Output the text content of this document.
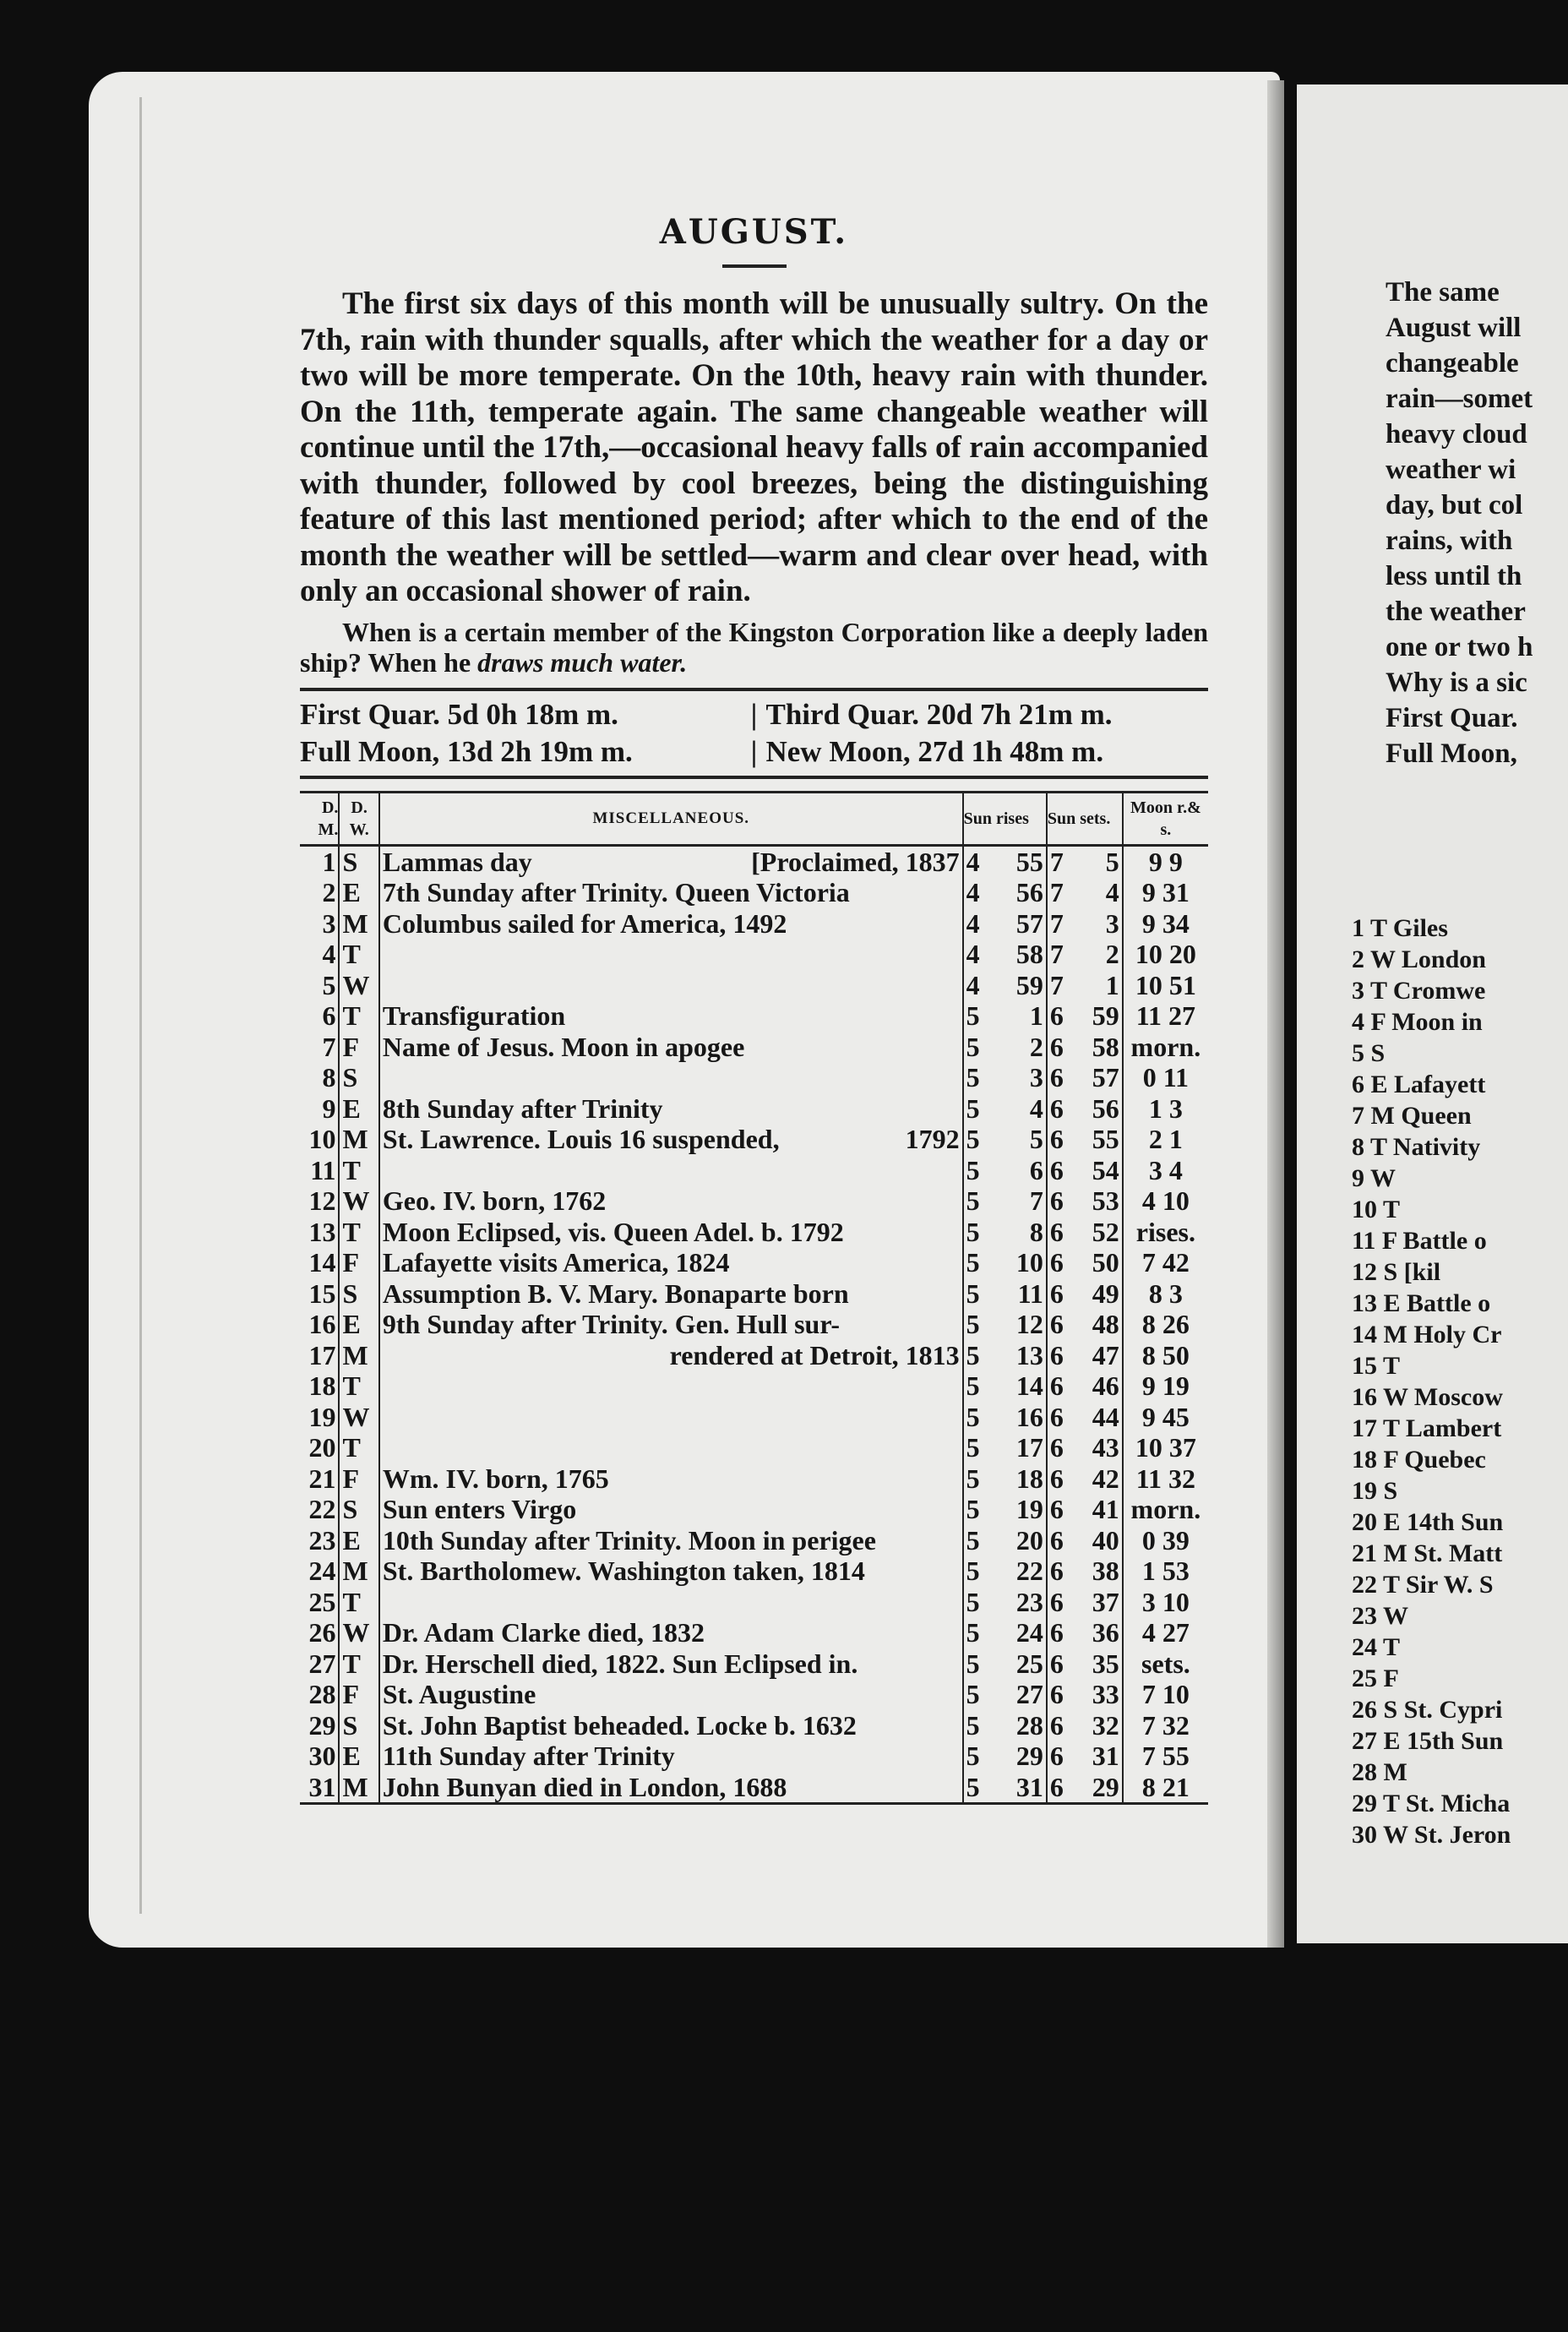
AUGUST.

The first six days of this month will be unusually sultry. On the 7th, rain with thunder squalls, after which the weather for a day or two will be more temperate. On the 10th, heavy rain with thunder. On the 11th, temperate again. The same changeable weather will continue until the 17th,—occasional heavy falls of rain accompanied with thunder, followed by cool breezes, being the distinguishing feature of this last mentioned period; after which to the end of the month the weather will be settled—warm and clear over head, with only an occasional shower of rain.

When is a certain member of the Kingston Corporation like a deeply laden ship? When he draws much water.

First Quar. 5d 0h 18m m.	| Third Quar. 20d 7h 21m m.
Full Moon, 13d 2h 19m m.	| New Moon, 27d 1h 48m m.
D. M.	D. W.	MISCELLANEOUS.	Sun rises		Sun sets.		Moon r.& s.
1	S	Lammas day [Proclaimed, 1837	4	55	7	5	9 9
2	E	7th Sunday after Trinity. Queen Victoria	4	56	7	4	9 31
3	M	Columbus sailed for America, 1492	4	57	7	3	9 34
4	T		4	58	7	2	10 20
5	W		4	59	7	1	10 51
6	T	Transfiguration	5	1	6	59	11 27
7	F	Name of Jesus. Moon in apogee	5	2	6	58	morn.
8	S		5	3	6	57	0 11
9	E	8th Sunday after Trinity	5	4	6	56	1 3
10	M	St. Lawrence. Louis 16 suspended, 1792	5	5	6	55	2 1
11	T		5	6	6	54	3 4
12	W	Geo. IV. born, 1762	5	7	6	53	4 10
13	T	Moon Eclipsed, vis. Queen Adel. b. 1792	5	8	6	52	rises.
14	F	Lafayette visits America, 1824	5	10	6	50	7 42
15	S	Assumption B. V. Mary. Bonaparte born	5	11	6	49	8 3
16	E	9th Sunday after Trinity. Gen. Hull sur-	5	12	6	48	8 26
17	M	rendered at Detroit, 1813	5	13	6	47	8 50
18	T		5	14	6	46	9 19
19	W		5	16	6	44	9 45
20	T		5	17	6	43	10 37
21	F	Wm. IV. born, 1765	5	18	6	42	11 32
22	S	Sun enters Virgo	5	19	6	41	morn.
23	E	10th Sunday after Trinity. Moon in perigee	5	20	6	40	0 39
24	M	St. Bartholomew. Washington taken, 1814	5	22	6	38	1 53
25	T		5	23	6	37	3 10
26	W	Dr. Adam Clarke died, 1832	5	24	6	36	4 27
27	T	Dr. Herschell died, 1822. Sun Eclipsed in.	5	25	6	35	sets.
28	F	St. Augustine	5	27	6	33	7 10
29	S	St. John Baptist beheaded. Locke b. 1632	5	28	6	32	7 32
30	E	11th Sunday after Trinity	5	29	6	31	7 55
31	M	John Bunyan died in London, 1688	5	31	6	29	8 21
The same
August will
changeable
rain—somet
heavy cloud
weather wi
day, but col
rains, with
less until th
the weather
one or two h
Why is a sic
First Quar.
Full Moon,
1 T Giles
2 W London
3 T Cromwe
4 F Moon in
5 S
6 E Lafayett
7 M Queen
8 T Nativity
9 W
10 T
11 F Battle o
12 S [kil
13 E Battle o
14 M Holy Cr
15 T
16 W Moscow
17 T Lambert
18 F Quebec
19 S
20 E 14th Sun
21 M St. Matt
22 T Sir W. S
23 W
24 T
25 F
26 S St. Cypri
27 E 15th Sun
28 M
29 T St. Micha
30 W St. Jeron
